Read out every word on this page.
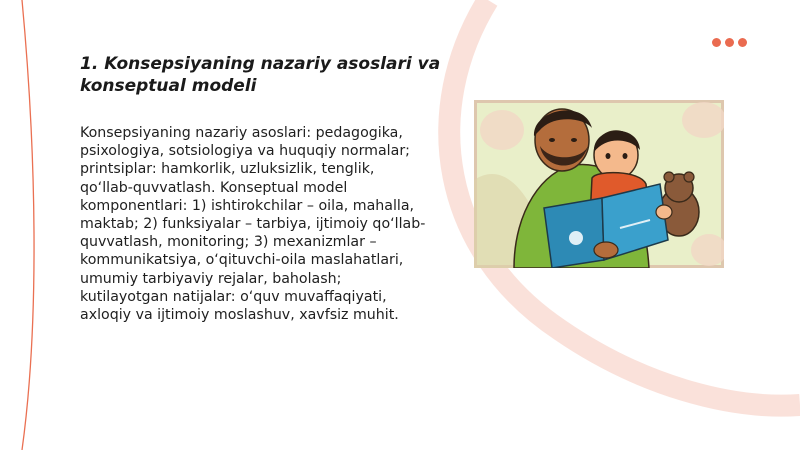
1. Konsepsiyaning nazariy asoslari va konseptual modeli
Konsepsiyaning nazariy asoslari: pedagogika, psixologiya, sotsiologiya va huquqiy normalar; printsiplar: hamkorlik, uzluksizlik, tenglik, qo‘llab-quvvatlash. Konseptual model komponentlari: 1) ishtirokchilar – oila, mahalla, maktab; 2) funksiyalar – tarbiya, ijtimoiy qo‘llab-quvvatlash, monitoring; 3) mexanizmlar – kommunikatsiya, o‘qituvchi-oila maslahatlari, umumiy tarbiyaviy rejalar, baholash; kutilayotgan natijalar: o‘quv muvaffaqiyati, axloqiy va ijtimoiy moslashuv, xavfsiz muhit.
